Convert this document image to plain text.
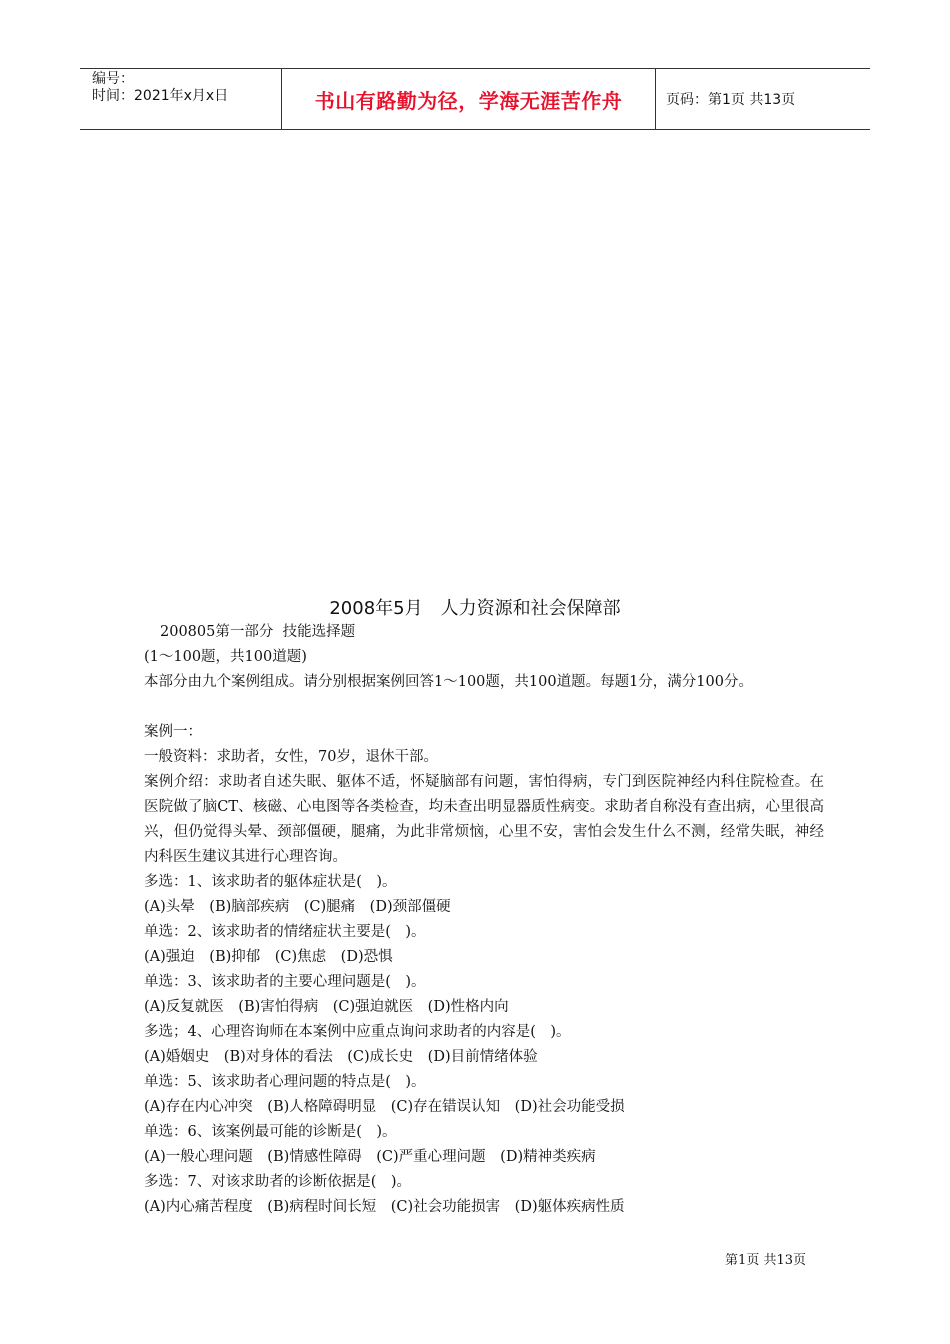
编号：
时间：2021年x月x日	书山有路勤为径，学海无涯苦作舟	页码：第1页 共13页
2008年5月　人力资源和社会保障部

200805第一部分  技能选择题

(1～100题，共100道题)

本部分由九个案例组成。请分别根据案例回答1～100题，共100道题。每题1分，满分100分。

案例一：

一般资料：求助者，女性，70岁，退休干部。

案例介绍：求助者自述失眠、躯体不适，怀疑脑部有问题，害怕得病，专门到医院神经内科住院检查。在医院做了脑CT、核磁、心电图等各类检查，均未查出明显器质性病变。求助者自称没有查出病，心里很高兴，但仍觉得头晕、颈部僵硬，腿痛，为此非常烦恼，心里不安，害怕会发生什么不测，经常失眠，神经内科医生建议其进行心理咨询。

多选：1、该求助者的躯体症状是(　)。

(A)头晕　(B)脑部疾病　(C)腿痛　(D)颈部僵硬

单选：2、该求助者的情绪症状主要是(　)。

(A)强迫　(B)抑郁　(C)焦虑　(D)恐惧

单选：3、该求助者的主要心理问题是(　)。

(A)反复就医　(B)害怕得病　(C)强迫就医　(D)性格内向

多选；4、心理咨询师在本案例中应重点询问求助者的内容是(　)。

(A)婚姻史　(B)对身体的看法　(C)成长史　(D)目前情绪体验

单选：5、该求助者心理问题的特点是(　)。

(A)存在内心冲突　(B)人格障碍明显　(C)存在错误认知　(D)社会功能受损

单选：6、该案例最可能的诊断是(　)。

(A)一般心理问题　(B)情感性障碍　(C)严重心理问题　(D)精神类疾病

多选：7、对该求助者的诊断依据是(　)。

(A)内心痛苦程度　(B)病程时间长短　(C)社会功能损害　(D)躯体疾病性质

第1页 共13页
